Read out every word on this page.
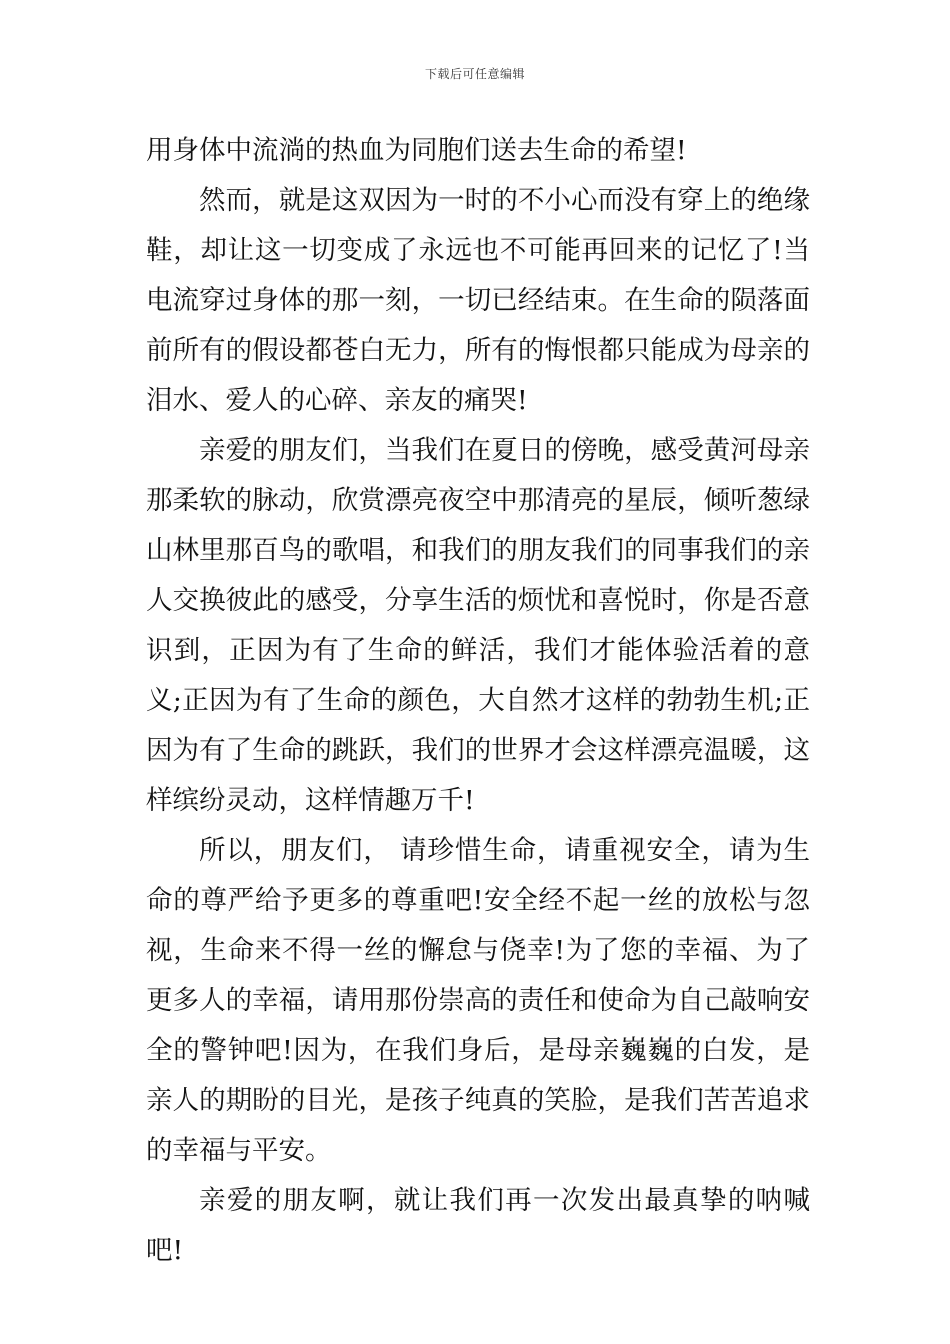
下载后可任意编辑

用身体中流淌的热血为同胞们送去生命的希望!

然而，就是这双因为一时的不小心而没有穿上的绝缘鞋，却让这一切变成了永远也不可能再回来的记忆了!当电流穿过身体的那一刻，一切已经结束。在生命的陨落面前所有的假设都苍白无力，所有的悔恨都只能成为母亲的泪水、爱人的心碎、亲友的痛哭!

亲爱的朋友们，当我们在夏日的傍晚，感受黄河母亲那柔软的脉动，欣赏漂亮夜空中那清亮的星辰，倾听葱绿山林里那百鸟的歌唱，和我们的朋友我们的同事我们的亲人交换彼此的感受，分享生活的烦忧和喜悦时，你是否意识到，正因为有了生命的鲜活，我们才能体验活着的意义;正因为有了生命的颜色，大自然才这样的勃勃生机;正因为有了生命的跳跃，我们的世界才会这样漂亮温暖，这样缤纷灵动，这样情趣万千!

所以，朋友们， 请珍惜生命，请重视安全，请为生命的尊严给予更多的尊重吧!安全经不起一丝的放松与忽视，生命来不得一丝的懈怠与侥幸!为了您的幸福、为了更多人的幸福，请用那份崇高的责任和使命为自己敲响安全的警钟吧!因为，在我们身后，是母亲巍巍的白发，是亲人的期盼的目光，是孩子纯真的笑脸，是我们苦苦追求的幸福与平安。

亲爱的朋友啊，就让我们再一次发出最真挚的呐喊吧!
